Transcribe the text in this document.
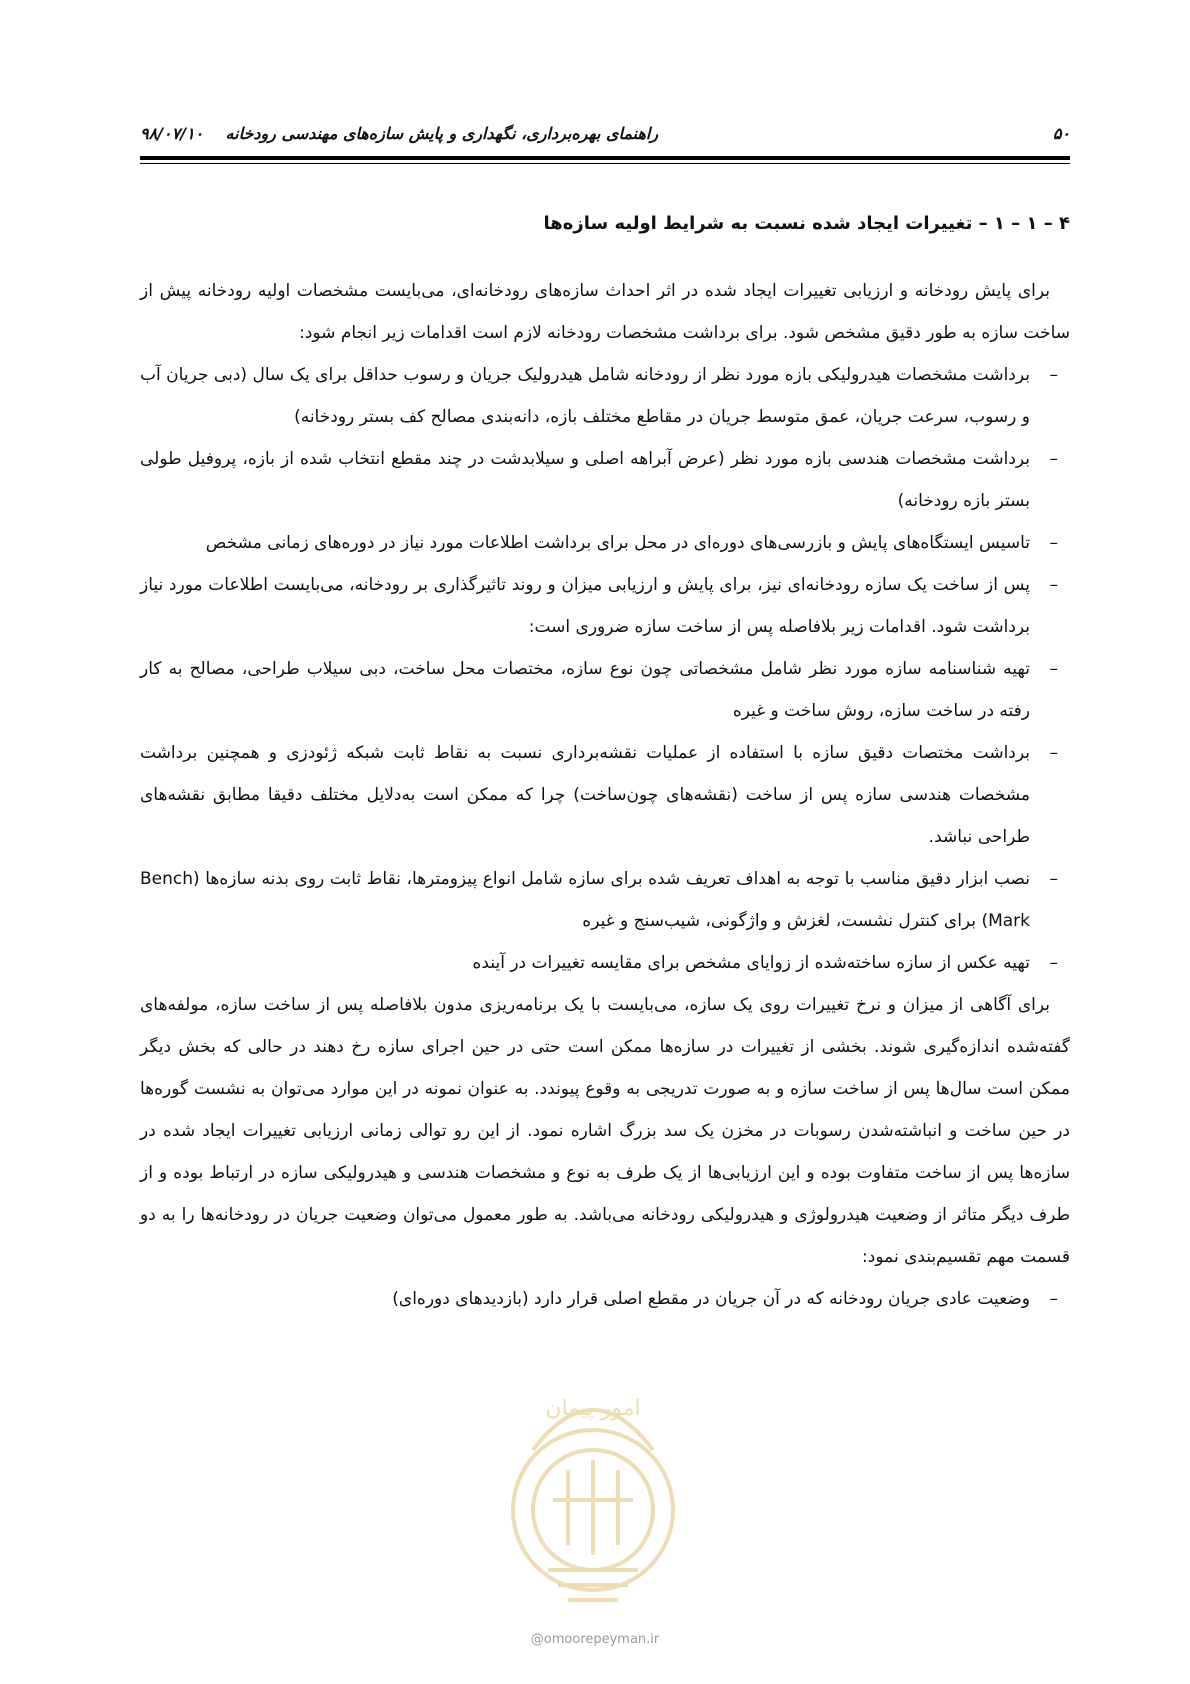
۵۰
راهنمای بهره‌برداری، نگهداری و پایش سازه‌های مهندسی رودخانه    ۹۸/۰۷/۱۰
۴ – ۱ – ۱ – تغییرات ایجاد شده نسبت به شرایط اولیه سازه‌ها

برای پایش رودخانه و ارزیابی تغییرات ایجاد شده در اثر احداث سازه‌های رودخانه‌ای، می‌بایست مشخصات اولیه رودخانه پیش از ساخت سازه به طور دقیق مشخص شود. برای برداشت مشخصات رودخانه لازم است اقدامات زیر انجام شود:

–
برداشت مشخصات هیدرولیکی بازه مورد نظر از رودخانه شامل هیدرولیک جریان و رسوب حداقل برای یک سال (دبی جریان آب و رسوب، سرعت جریان، عمق متوسط جریان در مقاطع مختلف بازه، دانه‌بندی مصالح کف بستر رودخانه)
–
برداشت مشخصات هندسی بازه مورد نظر (عرض آبراهه اصلی و سیلابدشت در چند مقطع انتخاب شده از بازه، پروفیل طولی بستر بازه رودخانه)
–
تاسیس ایستگاه‌های پایش و بازرسی‌های دوره‌ای در محل برای برداشت اطلاعات مورد نیاز در دوره‌های زمانی مشخص
–
پس از ساخت یک سازه رودخانه‌ای نیز، برای پایش و ارزیابی میزان و روند تاثیرگذاری بر رودخانه، می‌بایست اطلاعات مورد نیاز برداشت شود. اقدامات زیر بلافاصله پس از ساخت سازه ضروری است:
–
تهیه شناسنامه سازه مورد نظر شامل مشخصاتی چون نوع سازه، مختصات محل ساخت، دبی سیلاب طراحی، مصالح به کار رفته در ساخت سازه، روش ساخت و غیره
–
برداشت مختصات دقیق سازه با استفاده از عملیات نقشه‌برداری نسبت به نقاط ثابت شبکه ژئودزی و همچنین برداشت مشخصات هندسی سازه پس از ساخت (نقشه‌های چون‌ساخت) چرا که ممکن است به‌دلایل مختلف دقیقا مطابق نقشه‌های طراحی نباشد.
–
نصب ابزار دقیق مناسب با توجه به اهداف تعریف شده برای سازه شامل انواع پیزومترها، نقاط ثابت روی بدنه سازه‌ها (Bench Mark) برای کنترل نشست، لغزش و واژگونی، شیب‌سنج و غیره
–
تهیه عکس از سازه ساخته‌شده از زوایای مشخص برای مقایسه تغییرات در آینده

برای آگاهی از میزان و نرخ تغییرات روی یک سازه، می‌بایست با یک برنامه‌ریزی مدون بلافاصله پس از ساخت سازه، مولفه‌های گفته‌شده اندازه‌گیری شوند. بخشی از تغییرات در سازه‌ها ممکن است حتی در حین اجرای سازه رخ دهند در حالی که بخش دیگر ممکن است سال‌ها پس از ساخت سازه و به صورت تدریجی به وقوع پیوندد. به عنوان نمونه در این موارد می‌توان به نشست گوره‌ها در حین ساخت و انباشته‌شدن رسوبات در مخزن یک سد بزرگ اشاره نمود. از این رو توالی زمانی ارزیابی تغییرات ایجاد شده در سازه‌ها پس از ساخت متفاوت بوده و این ارزیابی‌ها از یک طرف به نوع و مشخصات هندسی و هیدرولیکی سازه در ارتباط بوده و از طرف دیگر متاثر از وضعیت هیدرولوژی و هیدرولیکی رودخانه می‌باشد. به طور معمول می‌توان وضعیت جریان در رودخانه‌ها را به دو قسمت مهم تقسیم‌بندی نمود:

–
وضعیت عادی جریان رودخانه که در آن جریان در مقطع اصلی قرار دارد (بازدیدهای دوره‌ای)
امور پیمان
@omoorepeyman.ir
